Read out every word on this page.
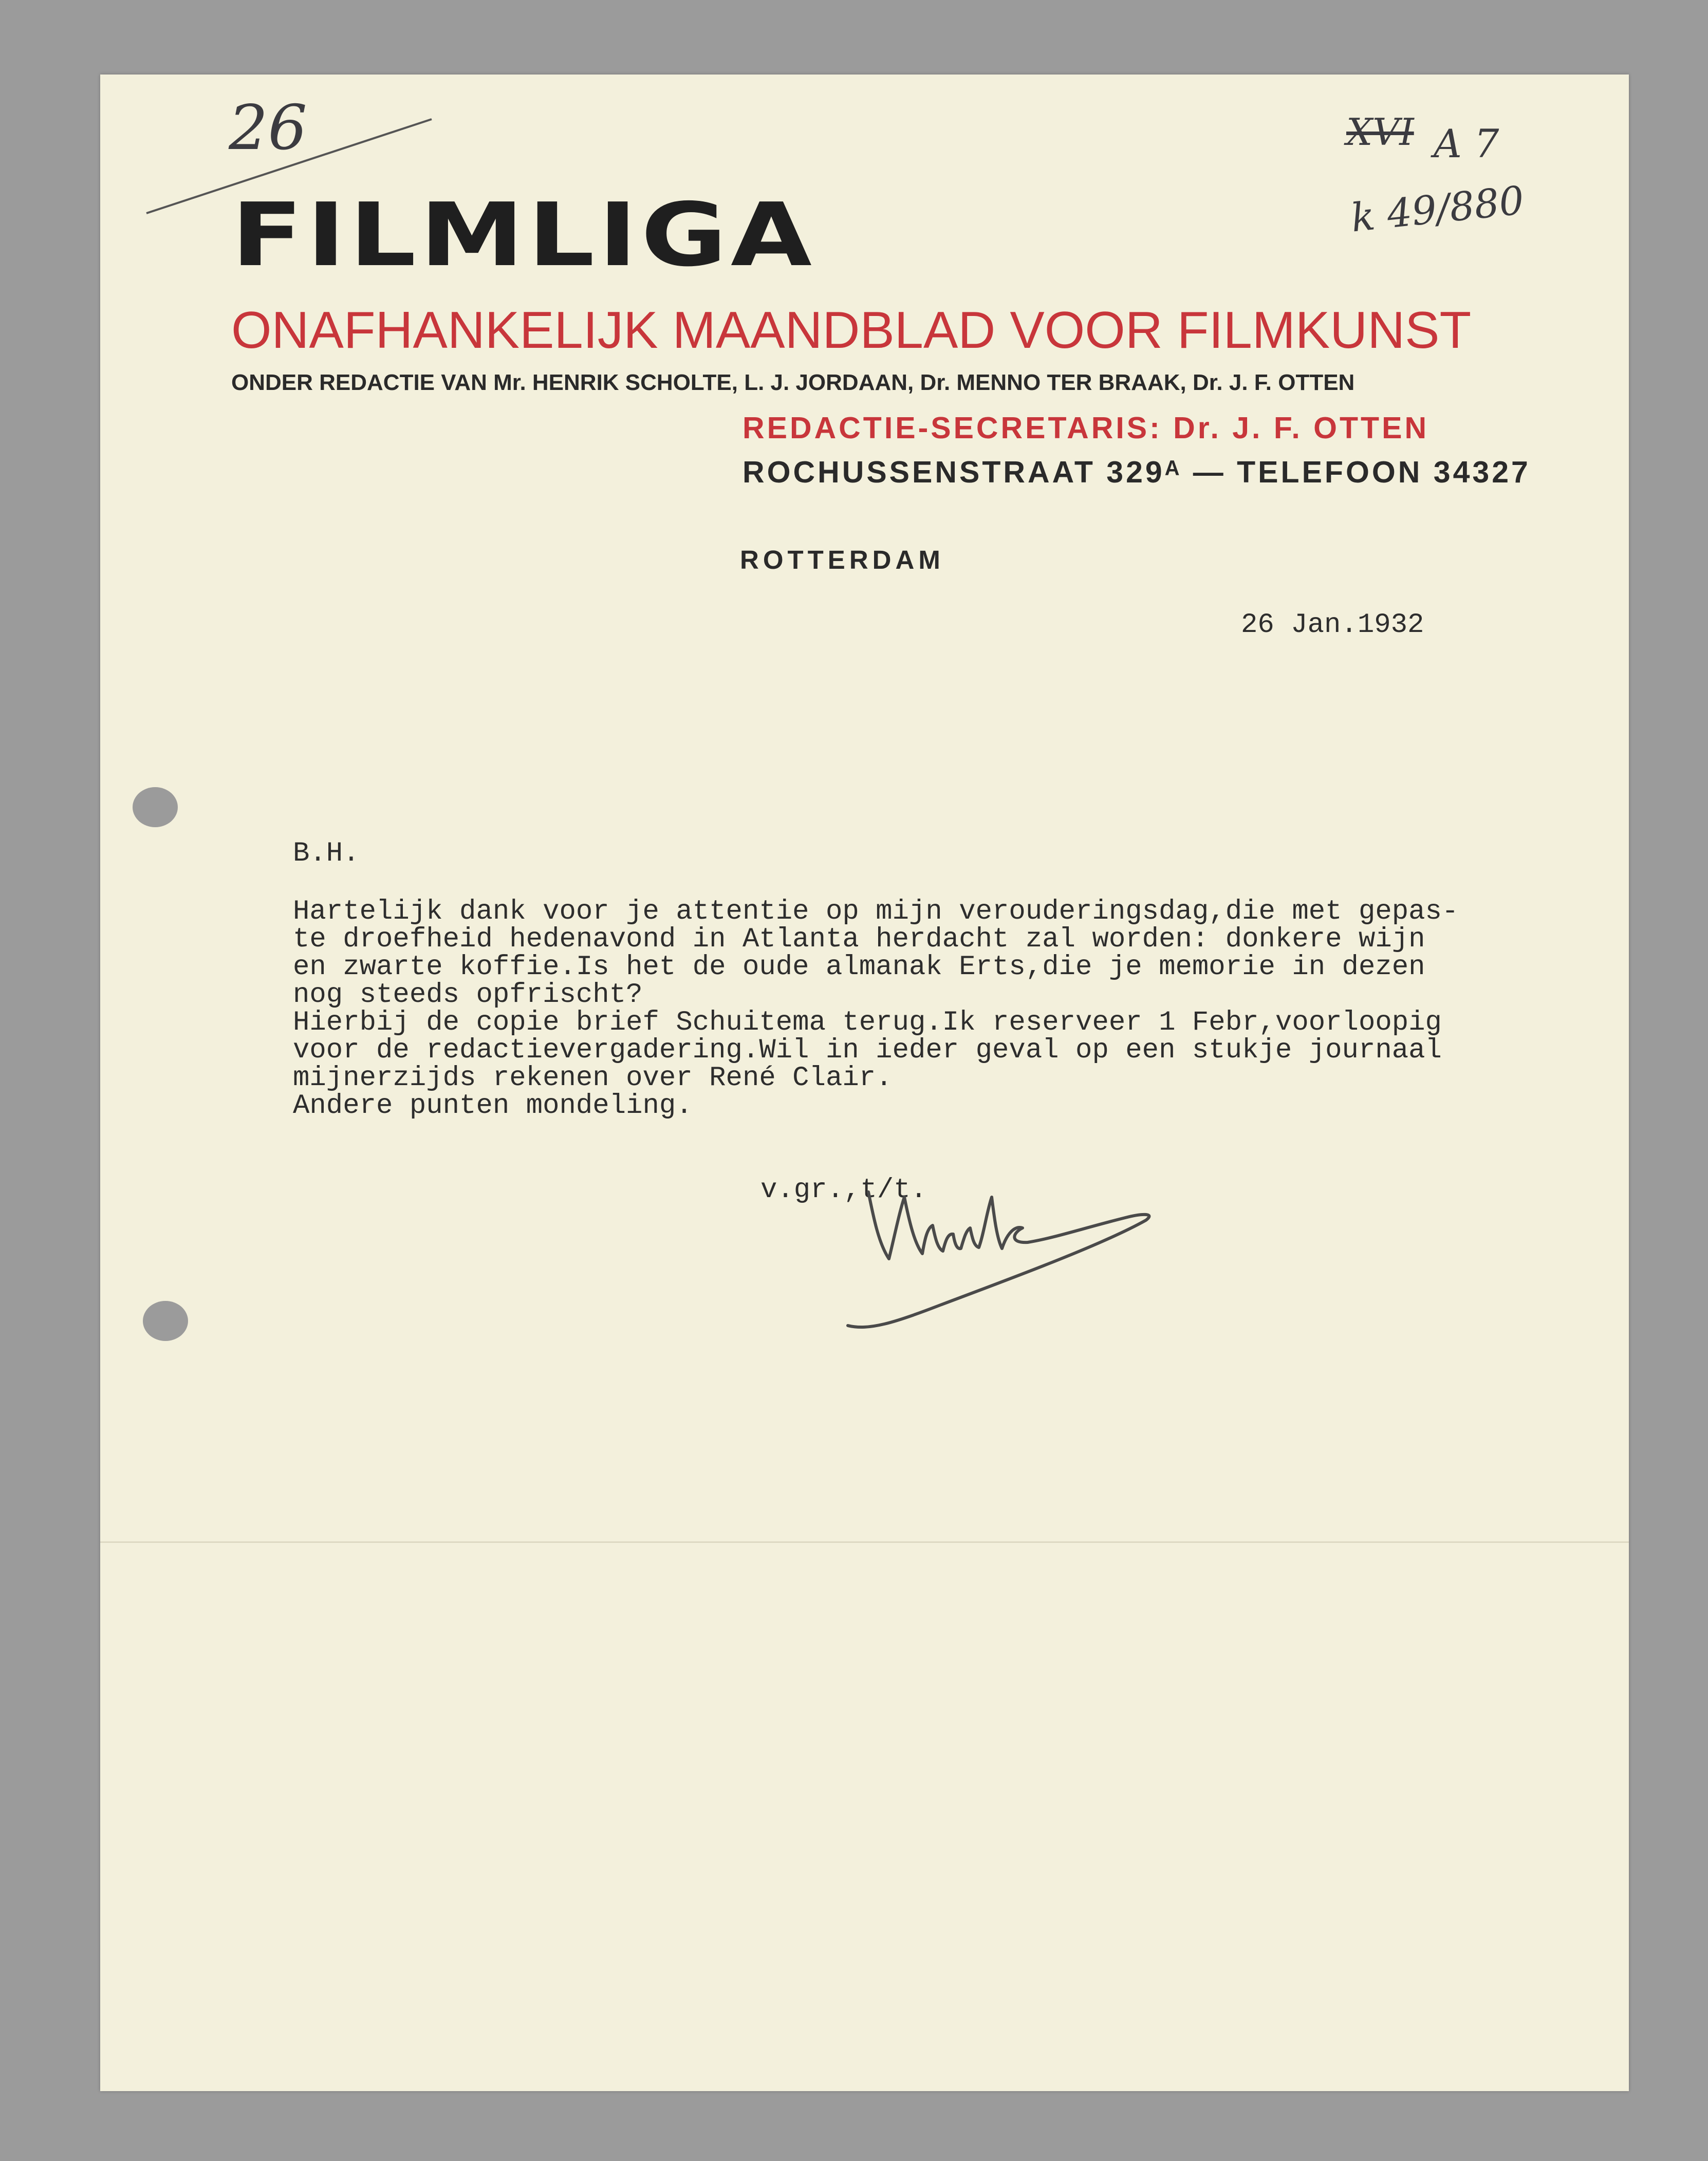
26	XVI A 7
k 49/880
FILMLIGA
ONAFHANKELIJK MAANDBLAD VOOR FILMKUNST
ONDER REDACTIE VAN Mr. HENRIK SCHOLTE, L. J. JORDAAN, Dr. MENNO TER BRAAK, Dr. J. F. OTTEN
REDACTIE-SECRETARIS: Dr. J. F. OTTEN
ROCHUSSENSTRAAT 329ᴬ — TELEFOON 34327
ROTTERDAM
26 Jan.1932
B.H.
Hartelijk dank voor je attentie op mijn verouderingsdag,die met gepas-
te droefheid hedenavond in Atlanta herdacht zal worden: donkere wijn
en zwarte koffie.Is het de oude almanak Erts,die je memorie in dezen
nog steeds opfrischt?
Hierbij de copie brief Schuitema terug.Ik reserveer 1 Febr,voorloopig
voor de redactievergadering.Wil in ieder geval op een stukje journaal
mijnerzijds rekenen over René Clair.
Andere punten mondeling.
v.gr.,t/t.
